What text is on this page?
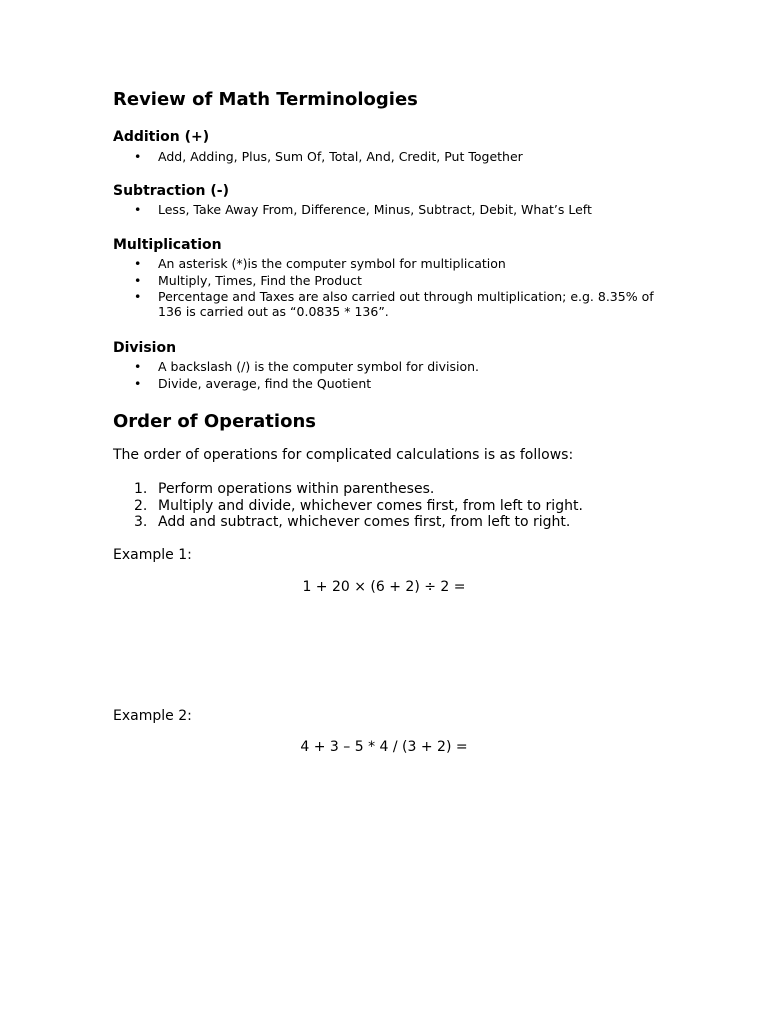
Review of Math Terminologies
Addition (+)
• Add, Adding, Plus, Sum Of, Total, And, Credit, Put Together
Subtraction (-)
• Less, Take Away From, Difference, Minus, Subtract, Debit, What’s Left
Multiplication
• An asterisk (*)is the computer symbol for multiplication
• Multiply, Times, Find the Product
• Percentage and Taxes are also carried out through multiplication; e.g. 8.35% of 136 is carried out as “0.0835 * 136”.
Division
• A backslash (/) is the computer symbol for division.
• Divide, average, find the Quotient
Order of Operations

The order of operations for complicated calculations is as follows:

1. Perform operations within parentheses.
2. Multiply and divide, whichever comes first, from left to right.
3. Add and subtract, whichever comes first, from left to right.

Example 1:

1 + 20 × (6 + 2) ÷ 2 =

Example 2:

4 + 3 – 5 * 4 / (3 + 2) =
